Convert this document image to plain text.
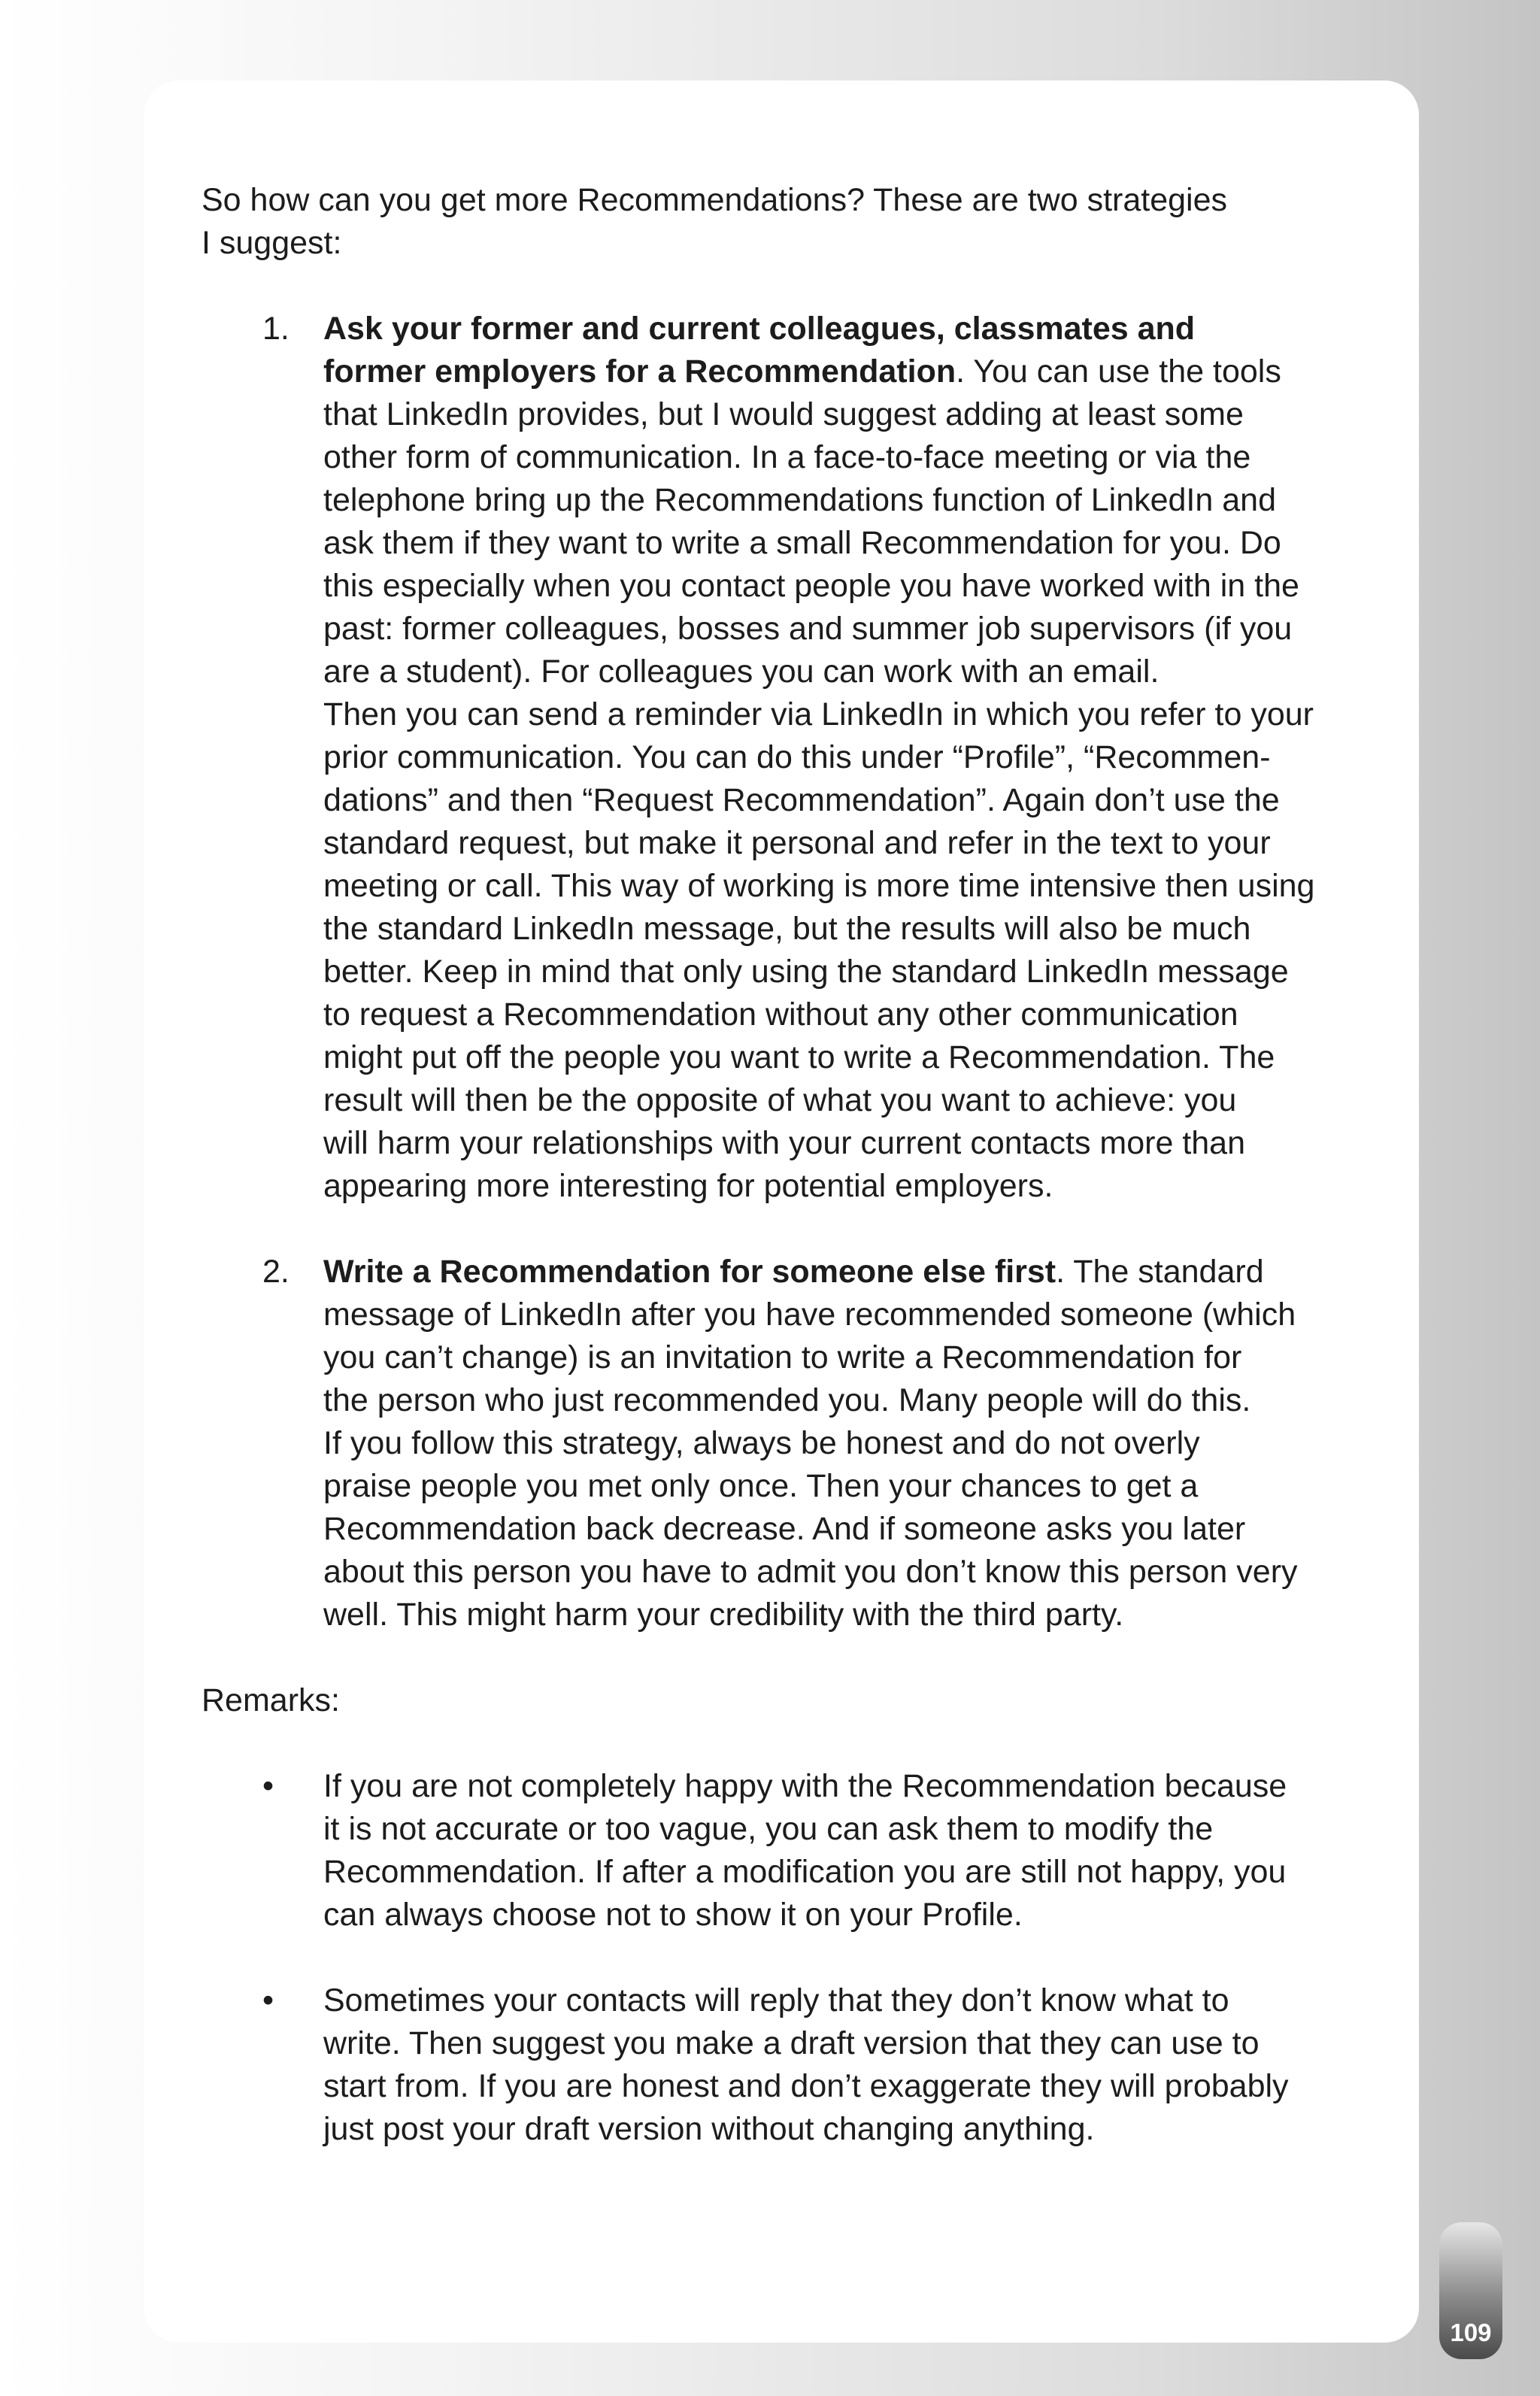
So how can you get more Recommendations? These are two strategies
I suggest:

1.	Ask your former and current colleagues, classmates and
former employers for a Recommendation. You can use the tools
that LinkedIn provides, but I would suggest adding at least some
other form of communication. In a face-to-face meeting or via the
telephone bring up the Recommendations function of LinkedIn and
ask them if they want to write a small Recommendation for you. Do
this especially when you contact people you have worked with in the
past: former colleagues, bosses and summer job supervisors (if you
are a student). For colleagues you can work with an email.
Then you can send a reminder via LinkedIn in which you refer to your
prior communication. You can do this under “Profile”, “Recommen-
dations” and then “Request Recommendation”. Again don’t use the
standard request, but make it personal and refer in the text to your
meeting or call. This way of working is more time intensive then using
the standard LinkedIn message, but the results will also be much
better. Keep in mind that only using the standard LinkedIn message
to request a Recommendation without any other communication
might put off the people you want to write a Recommendation. The
result will then be the opposite of what you want to achieve: you
will harm your relationships with your current contacts more than
appearing more interesting for potential employers.
2.	Write a Recommendation for someone else first. The standard
message of LinkedIn after you have recommended someone (which
you can’t change) is an invitation to write a Recommendation for
the person who just recommended you. Many people will do this.
If you follow this strategy, always be honest and do not overly
praise people you met only once. Then your chances to get a
Recommendation back decrease. And if someone asks you later
about this person you have to admit you don’t know this person very
well. This might harm your credibility with the third party.

Remarks:

•	If you are not completely happy with the Recommendation because
it is not accurate or too vague, you can ask them to modify the
Recommendation. If after a modification you are still not happy, you
can always choose not to show it on your Profile.
•	Sometimes your contacts will reply that they don’t know what to
write. Then suggest you make a draft version that they can use to
start from. If you are honest and don’t exaggerate they will probably
just post your draft version without changing anything.
109
